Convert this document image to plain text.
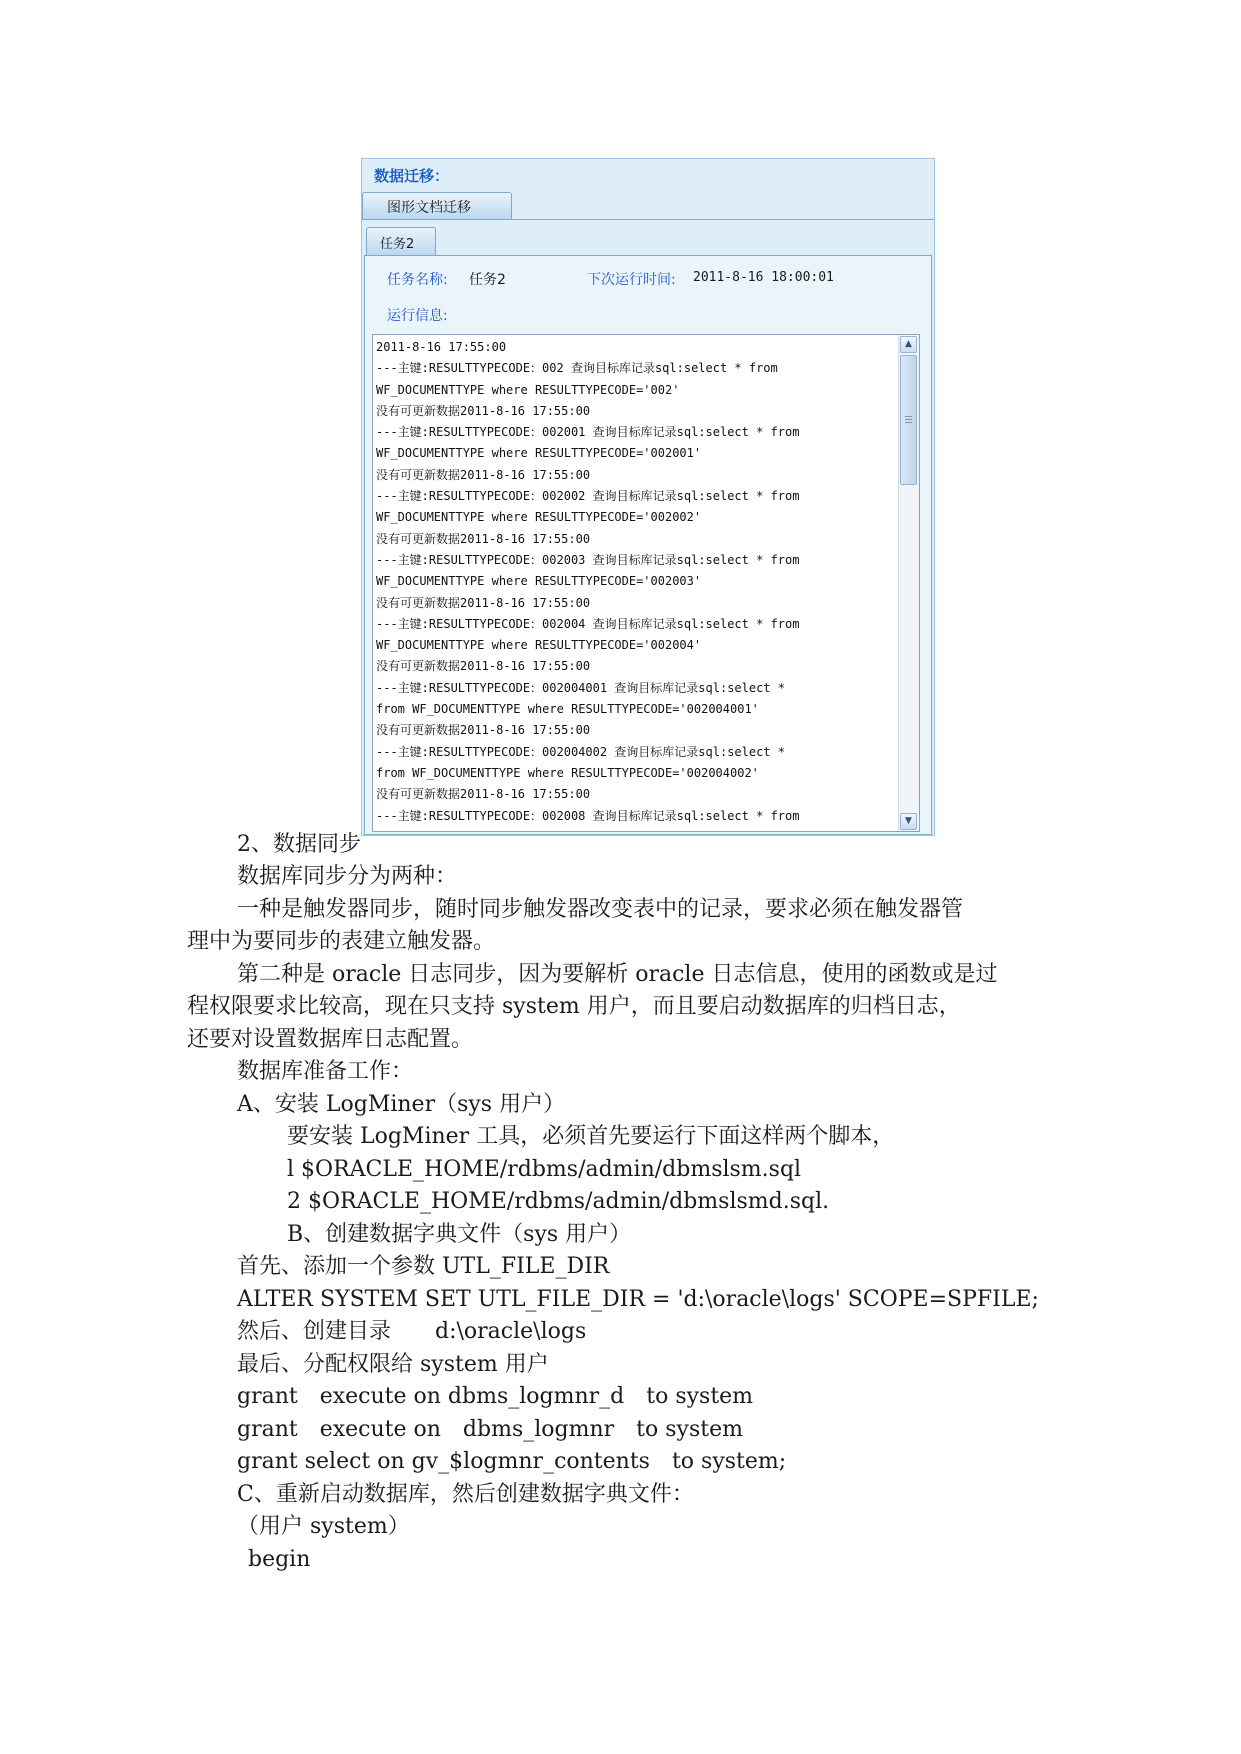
数据迁移：
图形文档迁移
任务2
任务名称: 任务2	下次运行时间: 2011-8-16 18:00:01
运行信息:
2011-8-16 17:55:00
---主键:RESULTTYPECODE：002 查询目标库记录sql:select * from
WF_DOCUMENTTYPE where RESULTTYPECODE='002'
没有可更新数据2011-8-16 17:55:00
---主键:RESULTTYPECODE：002001 查询目标库记录sql:select * from
WF_DOCUMENTTYPE where RESULTTYPECODE='002001'
没有可更新数据2011-8-16 17:55:00
---主键:RESULTTYPECODE：002002 查询目标库记录sql:select * from
WF_DOCUMENTTYPE where RESULTTYPECODE='002002'
没有可更新数据2011-8-16 17:55:00
---主键:RESULTTYPECODE：002003 查询目标库记录sql:select * from
WF_DOCUMENTTYPE where RESULTTYPECODE='002003'
没有可更新数据2011-8-16 17:55:00
---主键:RESULTTYPECODE：002004 查询目标库记录sql:select * from
WF_DOCUMENTTYPE where RESULTTYPECODE='002004'
没有可更新数据2011-8-16 17:55:00
---主键:RESULTTYPECODE：002004001 查询目标库记录sql:select *
from WF_DOCUMENTTYPE where RESULTTYPECODE='002004001'
没有可更新数据2011-8-16 17:55:00
---主键:RESULTTYPECODE：002004002 查询目标库记录sql:select *
from WF_DOCUMENTTYPE where RESULTTYPECODE='002004002'
没有可更新数据2011-8-16 17:55:00
---主键:RESULTTYPECODE：002008 查询目标库记录sql:select * from
▲
▼
2、数据同步
数据库同步分为两种：
一种是触发器同步，随时同步触发器改变表中的记录，要求必须在触发器管
理中为要同步的表建立触发器。
第二种是 oracle 日志同步，因为要解析 oracle 日志信息，使用的函数或是过
程权限要求比较高，现在只支持 system 用户，而且要启动数据库的归档日志，
还要对设置数据库日志配置。
数据库准备工作：
A、安装 LogMiner（sys 用户）
要安装 LogMiner 工具，必须首先要运行下面这样两个脚本，
l $ORACLE_HOME/rdbms/admin/dbmslsm.sql
2 $ORACLE_HOME/rdbms/admin/dbmslsmd.sql.
B、创建数据字典文件（sys 用户）
首先、添加一个参数 UTL_FILE_DIR
ALTER SYSTEM SET UTL_FILE_DIR = 'd:\oracle\logs' SCOPE=SPFILE;
然后、创建目录　　d:\oracle\logs
最后、分配权限给 system 用户
grant　execute on dbms_logmnr_d　to system
grant　execute on　dbms_logmnr　to system
grant select on gv_$logmnr_contents　to system;
C、重新启动数据库，然后创建数据字典文件：
（用户 system）
begin
